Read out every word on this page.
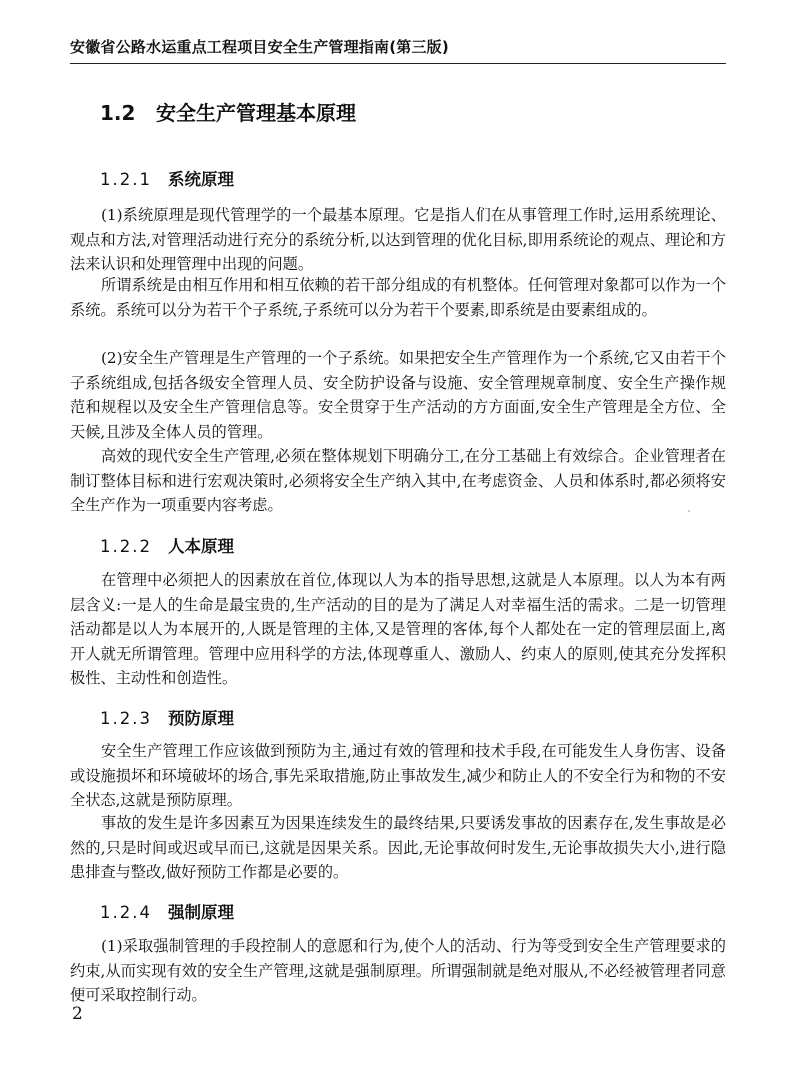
安徽省公路水运重点工程项目安全生产管理指南(第三版)
1.2 安全生产管理基本原理
1.2.1 系统原理

(1)系统原理是现代管理学的一个最基本原理。它是指人们在从事管理工作时,运用系统理论、观点和方法,对管理活动进行充分的系统分析,以达到管理的优化目标,即用系统论的观点、理论和方法来认识和处理管理中出现的问题。

所谓系统是由相互作用和相互依赖的若干部分组成的有机整体。任何管理对象都可以作为一个系统。系统可以分为若干个子系统,子系统可以分为若干个要素,即系统是由要素组成的。

(2)安全生产管理是生产管理的一个子系统。如果把安全生产管理作为一个系统,它又由若干个子系统组成,包括各级安全管理人员、安全防护设备与设施、安全管理规章制度、安全生产操作规范和规程以及安全生产管理信息等。安全贯穿于生产活动的方方面面,安全生产管理是全方位、全天候,且涉及全体人员的管理。

高效的现代安全生产管理,必须在整体规划下明确分工,在分工基础上有效综合。企业管理者在制订整体目标和进行宏观决策时,必须将安全生产纳入其中,在考虑资金、人员和体系时,都必须将安全生产作为一项重要内容考虑。

1.2.2 人本原理

在管理中必须把人的因素放在首位,体现以人为本的指导思想,这就是人本原理。以人为本有两层含义:一是人的生命是最宝贵的,生产活动的目的是为了满足人对幸福生活的需求。二是一切管理活动都是以人为本展开的,人既是管理的主体,又是管理的客体,每个人都处在一定的管理层面上,离开人就无所谓管理。管理中应用科学的方法,体现尊重人、激励人、约束人的原则,使其充分发挥积极性、主动性和创造性。

1.2.3 预防原理

安全生产管理工作应该做到预防为主,通过有效的管理和技术手段,在可能发生人身伤害、设备或设施损坏和环境破坏的场合,事先采取措施,防止事故发生,减少和防止人的不安全行为和物的不安全状态,这就是预防原理。

事故的发生是许多因素互为因果连续发生的最终结果,只要诱发事故的因素存在,发生事故是必然的,只是时间或迟或早而已,这就是因果关系。因此,无论事故何时发生,无论事故损失大小,进行隐患排查与整改,做好预防工作都是必要的。

1.2.4 强制原理

(1)采取强制管理的手段控制人的意愿和行为,使个人的活动、行为等受到安全生产管理要求的约束,从而实现有效的安全生产管理,这就是强制原理。所谓强制就是绝对服从,不必经被管理者同意便可采取控制行动。

2
